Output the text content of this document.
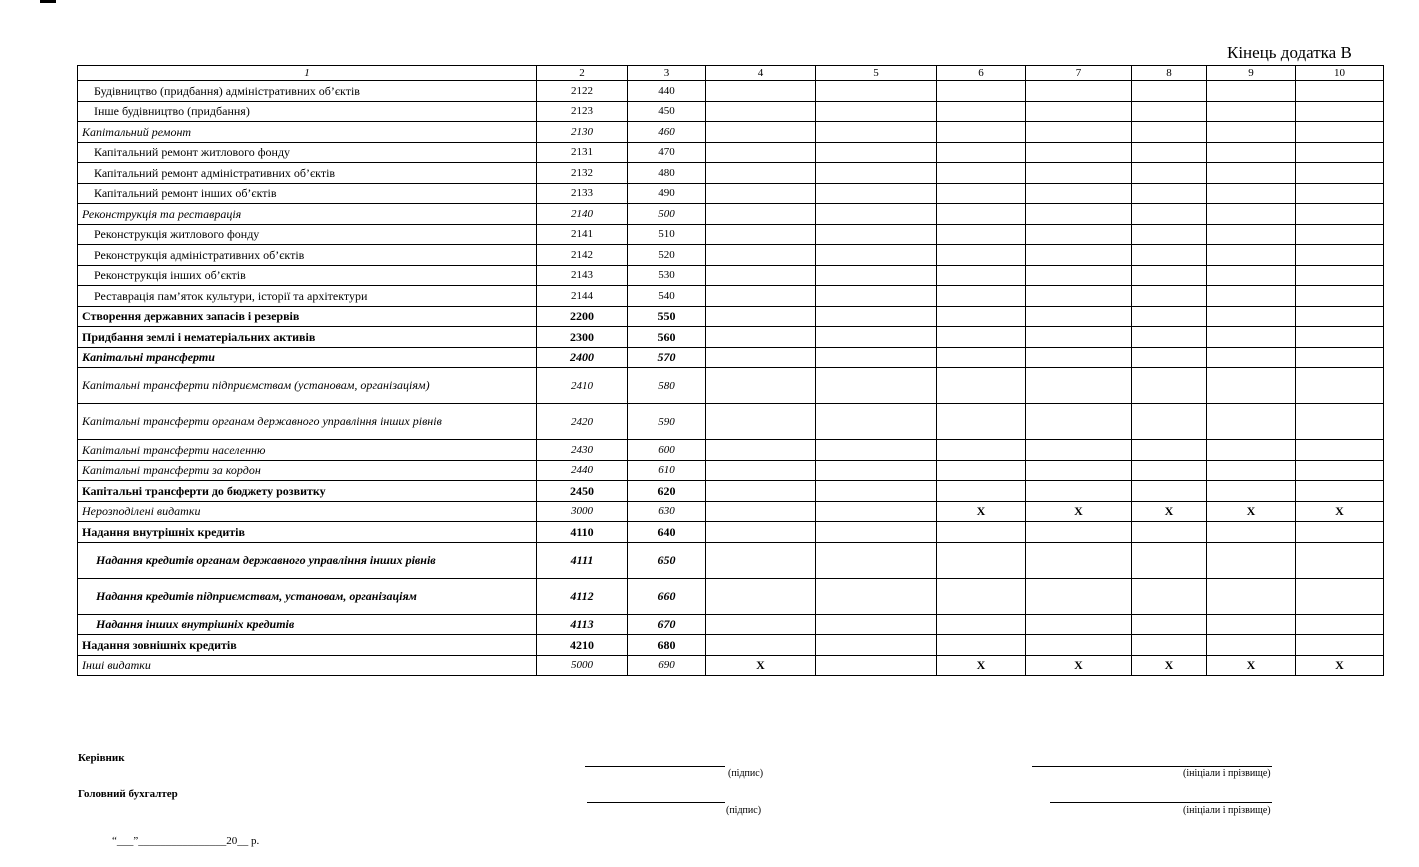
Кінець додатка В
1	2	3	4	5	6	7	8	9	10
Будівництво (придбання) адміністративних об’єктів	2122	440							
Інше будівництво (придбання)	2123	450							
Капітальний ремонт	2130	460							
Капітальний ремонт житлового фонду	2131	470							
Капітальний ремонт адміністративних об’єктів	2132	480							
Капітальний ремонт інших об’єктів	2133	490							
Реконструкція та реставрація	2140	500							
Реконструкція житлового фонду	2141	510							
Реконструкція адміністративних об’єктів	2142	520							
Реконструкція інших об’єктів	2143	530							
Реставрація пам’яток культури, історії та архітектури	2144	540							
Створення державних запасів і резервів	2200	550							
Придбання землі і нематеріальних активів	2300	560							
Капітальні трансферти	2400	570							
Капітальні трансферти підприємствам (установам, організаціям)	2410	580							
Капітальні трансферти органам державного управління інших рівнів	2420	590							
Капітальні трансферти населенню	2430	600							
Капітальні трансферти за кордон	2440	610							
Капітальні трансферти до бюджету розвитку	2450	620							
Нерозподілені видатки	3000	630			X	X	X	X	X
Надання внутрішніх кредитів	4110	640							
Надання кредитів органам державного управління інших рівнів	4111	650							
Надання кредитів підприємствам, установам, організаціям	4112	660							
Надання інших внутрішніх кредитів	4113	670							
Надання зовнішніх кредитів	4210	680							
Інші видатки	5000	690	X		X	X	X	X	X
Керівник
(підпис)	(ініціали і прізвище)
Головний бухгалтер
(підпис)	(ініціали і прізвище)
“___”________________20__ р.
